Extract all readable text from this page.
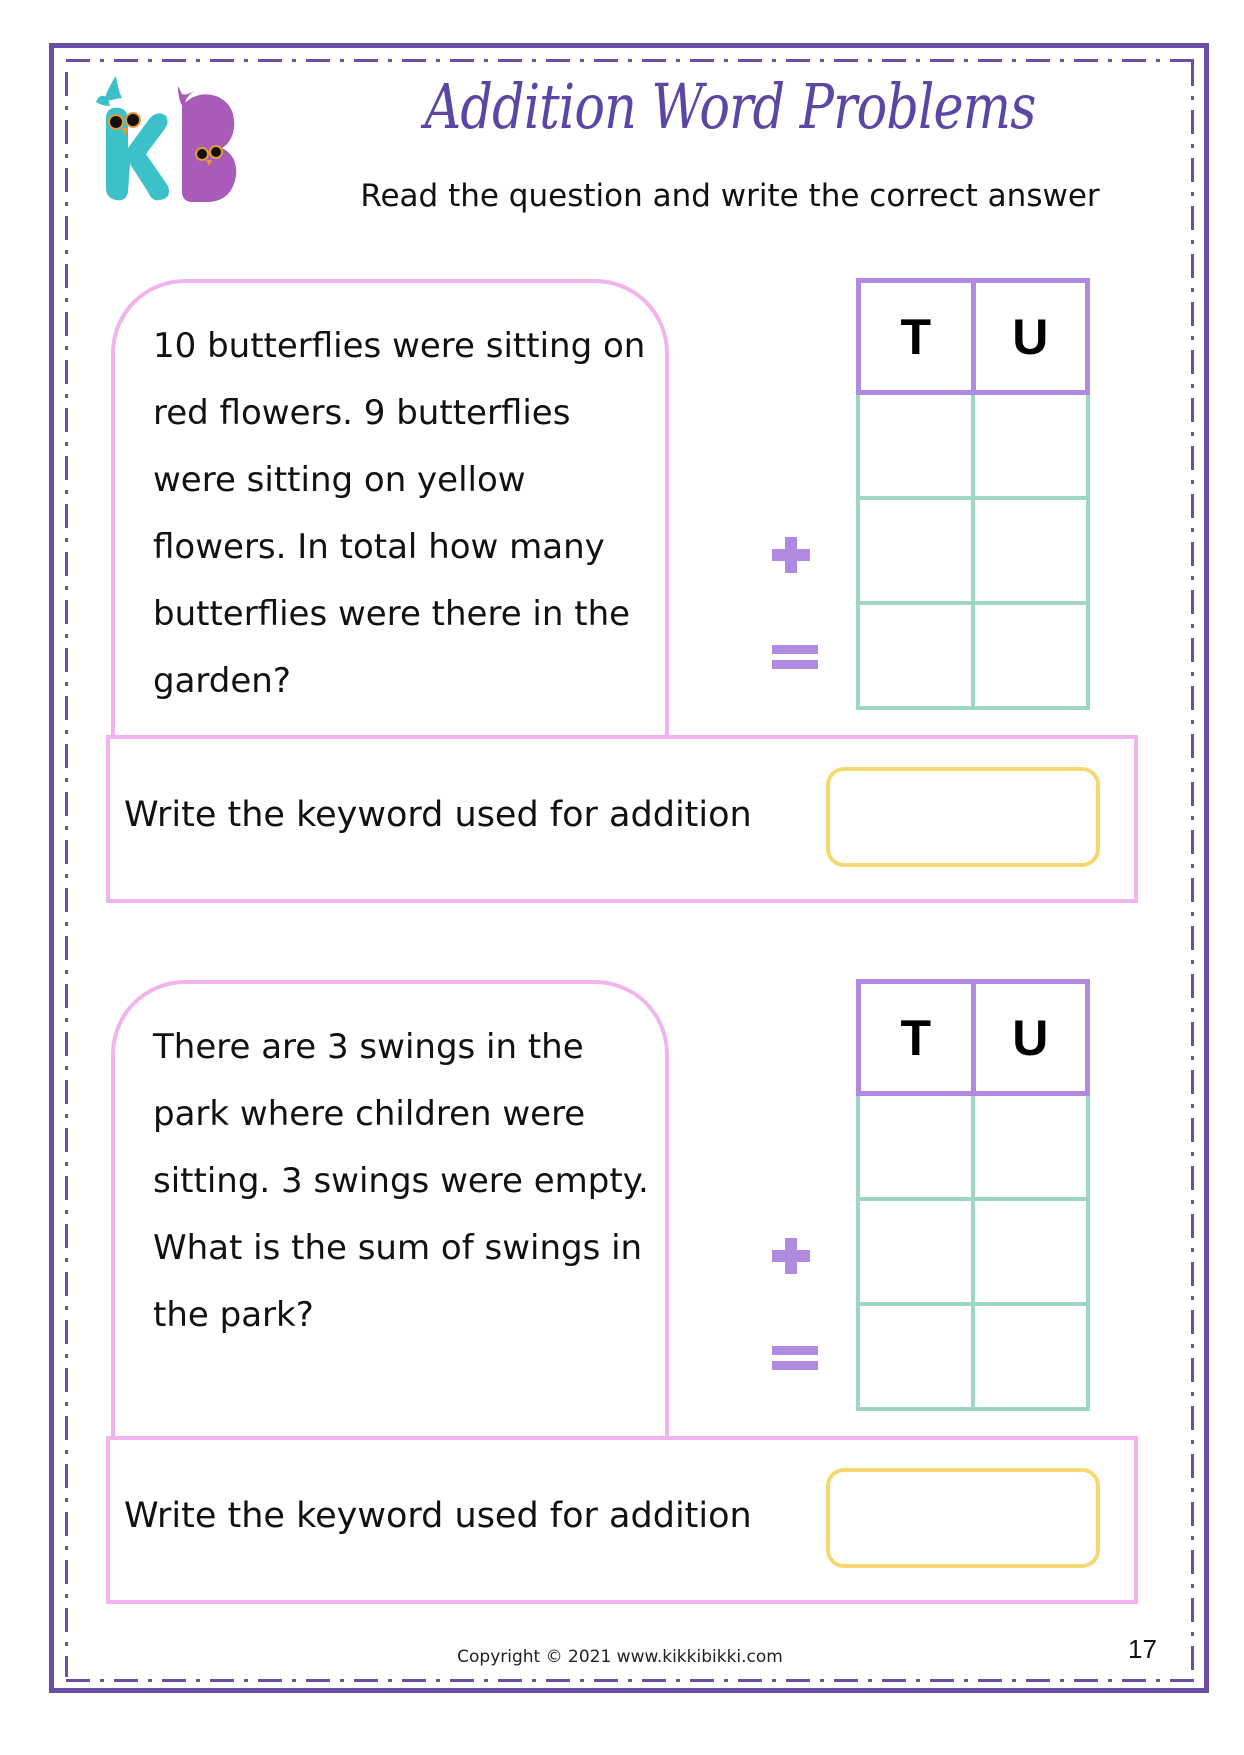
Addition Word Problems
Read the question and write the correct answer
10 butterflies were sitting on red flowers. 9 butterflies were sitting on yellow flowers. In total how many butterflies were there in the garden?
T	U
Write the keyword used for addition
There are 3 swings in the park where children were sitting. 3 swings were empty. What is the sum of swings in the park?
T	U
Write the keyword used for addition
Copyright © 2021 www.kikkibikki.com	17
